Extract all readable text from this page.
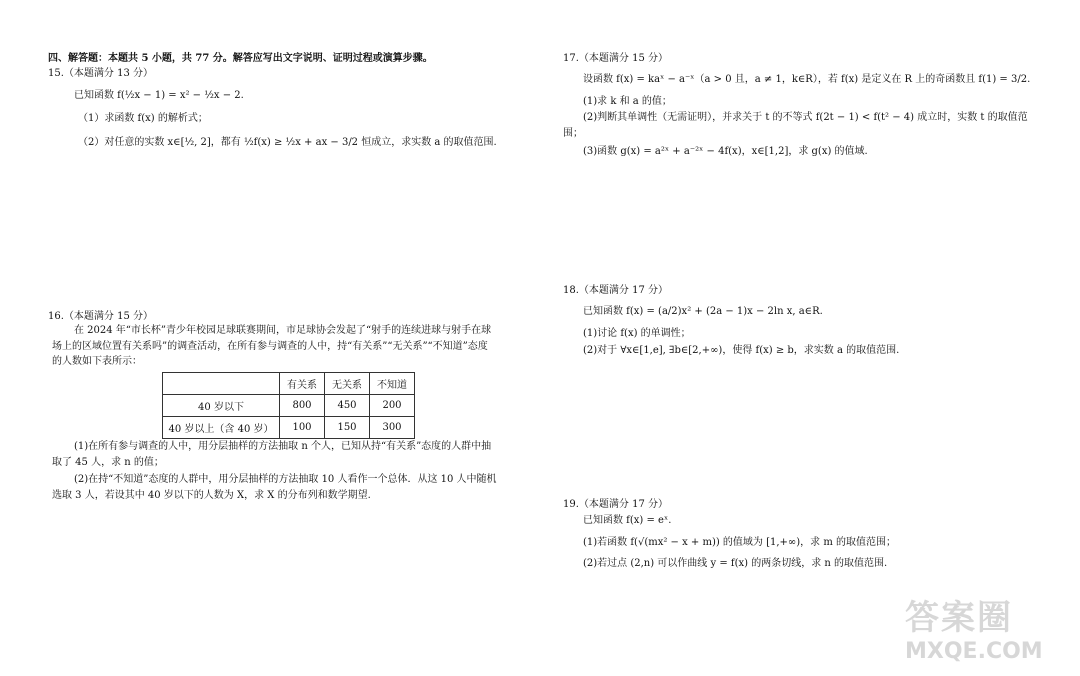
四、解答题：本题共 5 小题，共 77 分。解答应写出文字说明、证明过程或演算步骤。
15.（本题满分 13 分）
已知函数 f(½x − 1) = x² − ½x − 2.
（1）求函数 f(x) 的解析式；
（2）对任意的实数 x∈[½, 2]，都有 ½f(x) ≥ ½x + ax − 3/2 恒成立，求实数 a 的取值范围.
16.（本题满分 15 分）
在 2024 年“市长杯”青少年校园足球联赛期间，市足球协会发起了“射手的连续进球与射手在球
场上的区域位置有关系吗”的调查活动，在所有参与调查的人中，持“有关系”“无关系”“不知道”态度
的人数如下表所示：
(1)在所有参与调查的人中，用分层抽样的方法抽取 n 个人，已知从持“有关系”态度的人群中抽
取了 45 人，求 n 的值；
(2)在持“不知道”态度的人群中，用分层抽样的方法抽取 10 人看作一个总体．从这 10 人中随机
选取 3 人，若设其中 40 岁以下的人数为 X，求 X 的分布列和数学期望.
	有关系	无关系	不知道
40 岁以下	800	450	200
40 岁以上（含 40 岁）	100	150	300
17.（本题满分 15 分）
设函数 f(x) = kaˣ − a⁻ˣ（a > 0 且，a ≠ 1，k∈R），若 f(x) 是定义在 R 上的奇函数且 f(1) = 3/2.
(1)求 k 和 a 的值；
(2)判断其单调性（无需证明），并求关于 t 的不等式 f(2t − 1) < f(t² − 4) 成立时，实数 t 的取值范
围；
(3)函数 g(x) = a²ˣ + a⁻²ˣ − 4f(x)，x∈[1,2]，求 g(x) 的值域.
18.（本题满分 17 分）
已知函数 f(x) = (a/2)x² + (2a − 1)x − 2ln x, a∈R.
(1)讨论 f(x) 的单调性；
(2)对于 ∀x∈[1,e], ∃b∈[2,+∞)，使得 f(x) ≥ b，求实数 a 的取值范围.
19.（本题满分 17 分）
已知函数 f(x) = eˣ.
(1)若函数 f(√(mx² − x + m)) 的值域为 [1,+∞)，求 m 的取值范围；
(2)若过点 (2,n) 可以作曲线 y = f(x) 的两条切线，求 n 的取值范围.
答案圈
MXQE.COM
